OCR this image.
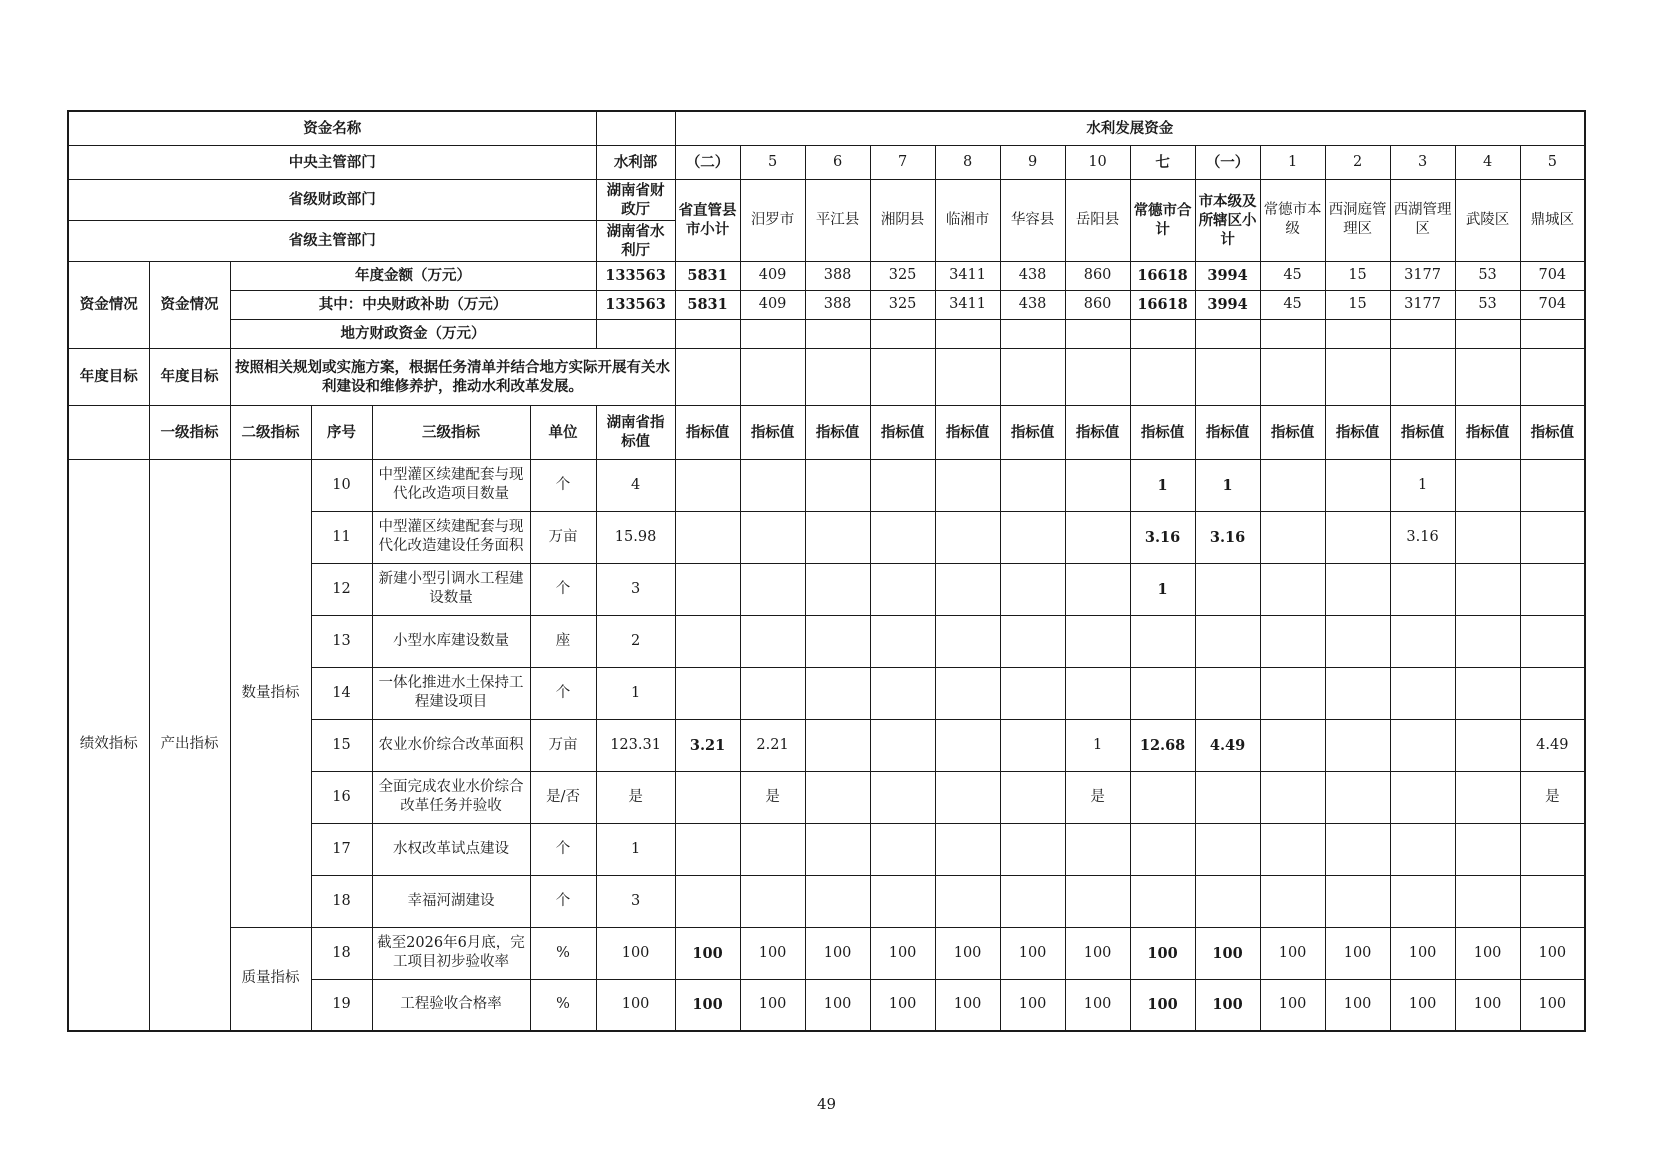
资金名称							水利发展资金													
中央主管部门						水利部	（二）	5	6	7	8	9	10	七	（一）	1	2	3	4	5
省级财政部门						湖南省财政厅	省直管县市小计	汨罗市	平江县	湘阴县	临湘市	华容县	岳阳县	常德市合计	市本级及所辖区小计	常德市本级	西洞庭管理区	西湖管理区	武陵区	鼎城区
省级主管部门						湖南省水利厅														
资金情况	资金情况	年度金额（万元）				133563	5831	409	388	325	3411	438	860	16618	3994	45	15	3177	53	704
		其中：中央财政补助（万元）				133563	5831	409	388	325	3411	438	860	16618	3994	45	15	3177	53	704
		地方财政资金（万元）																		
年度目标	年度目标	按照相关规划或实施方案，根据任务清单并结合地方实际开展有关水利建设和维修养护，推动水利改革发展。																		
	一级指标	二级指标	序号	三级指标	单位	湖南省指标值	指标值	指标值	指标值	指标值	指标值	指标值	指标值	指标值	指标值	指标值	指标值	指标值	指标值	指标值
绩效指标	产出指标	数量指标	10	中型灌区续建配套与现代化改造项目数量	个	4								1	1			1		
			11	中型灌区续建配套与现代化改造建设任务面积	万亩	15.98								3.16	3.16			3.16		
			12	新建小型引调水工程建设数量	个	3								1						
			13	小型水库建设数量	座	2														
			14	一体化推进水土保持工程建设项目	个	1														
			15	农业水价综合改革面积	万亩	123.31	3.21	2.21					1	12.68	4.49					4.49
			16	全面完成农业水价综合改革任务并验收	是/否	是		是					是							是
			17	水权改革试点建设	个	1														
			18	幸福河湖建设	个	3														
		质量指标	18	截至2026年6月底，完工项目初步验收率	%	100	100	100	100	100	100	100	100	100	100	100	100	100	100	100
			19	工程验收合格率	%	100	100	100	100	100	100	100	100	100	100	100	100	100	100	100
49
